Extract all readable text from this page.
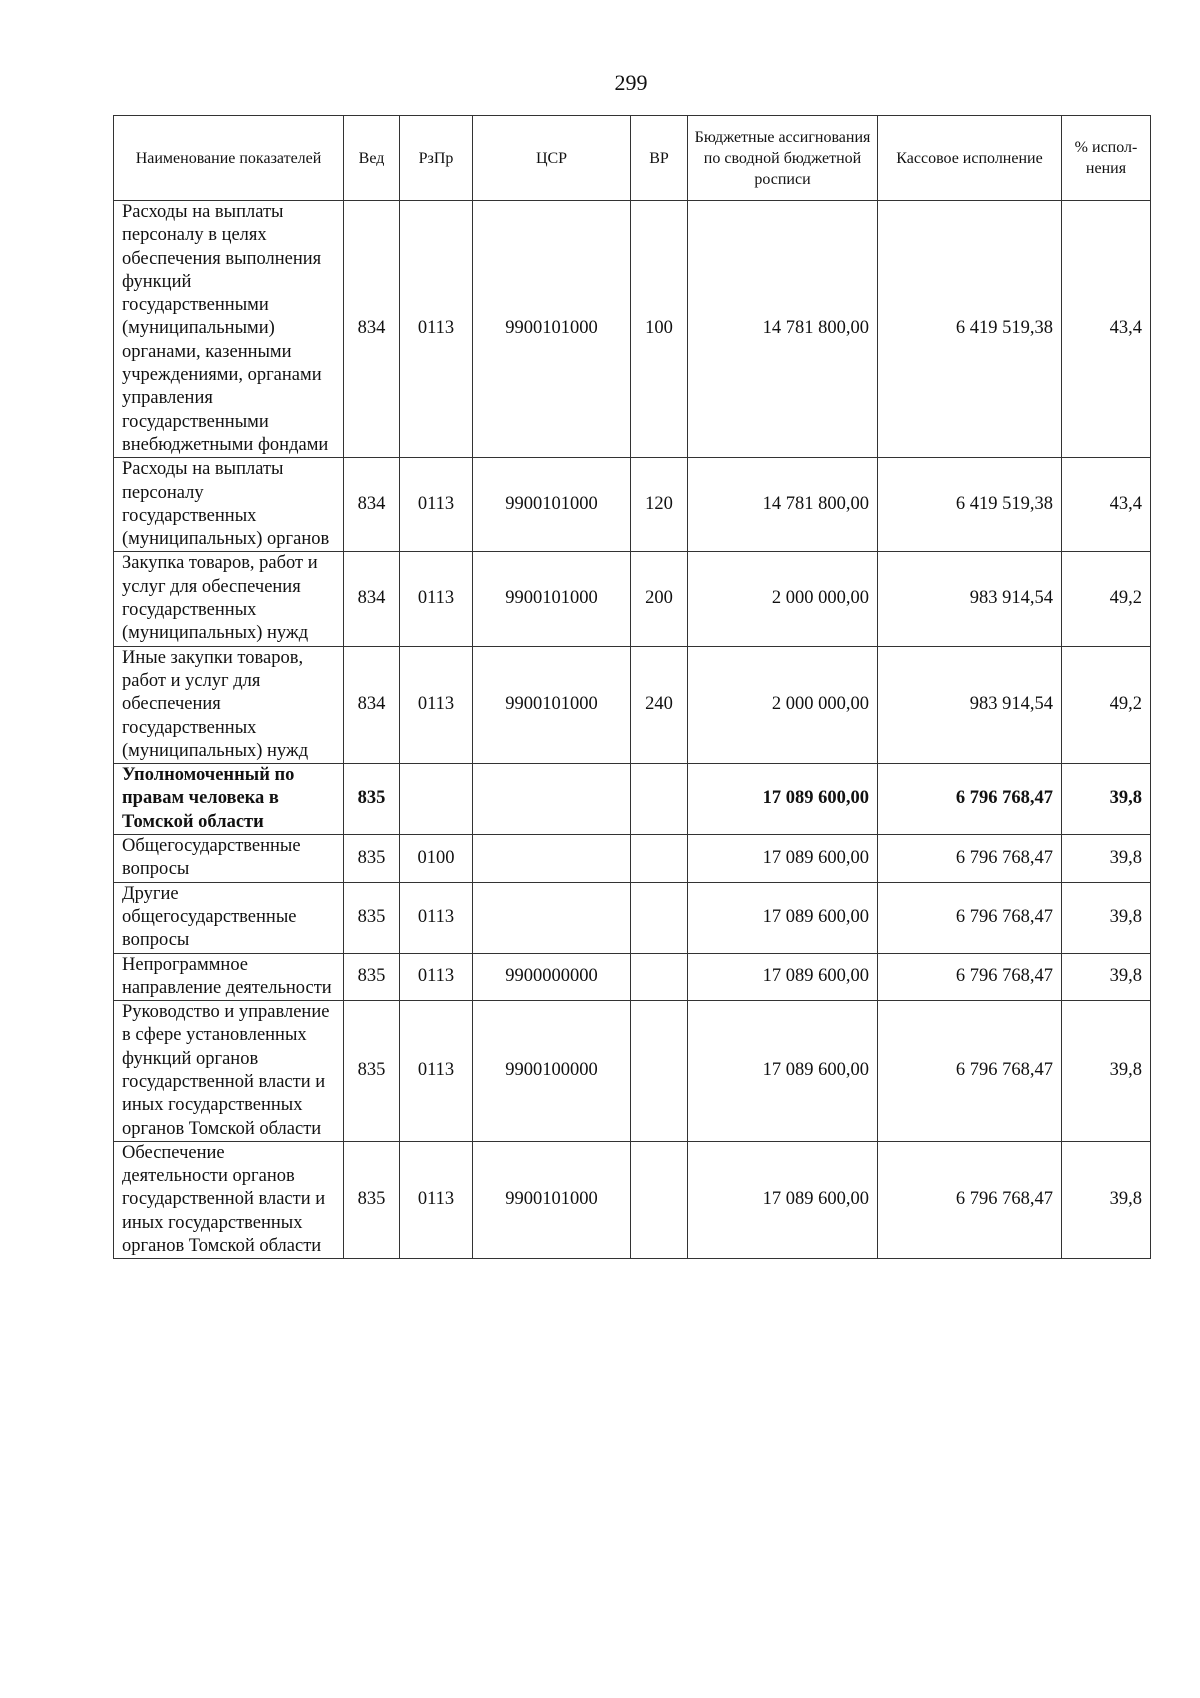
299
Наименование показателей	Вед	РзПр	ЦСР	ВР	Бюджетные ассигнования по сводной бюджетной росписи	Кассовое исполнение	% испол-нения
Расходы на выплаты персоналу в целях обеспечения выполнения функций государственными (муниципальными) органами, казенными учреждениями, органами управления государственными внебюджетными фондами	834	0113	9900101000	100	14 781 800,00	6 419 519,38	43,4
Расходы на выплаты персоналу государственных (муниципальных) органов	834	0113	9900101000	120	14 781 800,00	6 419 519,38	43,4
Закупка товаров, работ и услуг для обеспечения государственных (муниципальных) нужд	834	0113	9900101000	200	2 000 000,00	983 914,54	49,2
Иные закупки товаров, работ и услуг для обеспечения государственных (муниципальных) нужд	834	0113	9900101000	240	2 000 000,00	983 914,54	49,2
Уполномоченный по правам человека в Томской области	835				17 089 600,00	6 796 768,47	39,8
Общегосударственные вопросы	835	0100			17 089 600,00	6 796 768,47	39,8
Другие общегосударственные вопросы	835	0113			17 089 600,00	6 796 768,47	39,8
Непрограммное направление деятельности	835	0113	9900000000		17 089 600,00	6 796 768,47	39,8
Руководство и управление в сфере установленных функций органов государственной власти и иных государственных органов Томской области	835	0113	9900100000		17 089 600,00	6 796 768,47	39,8
Обеспечение деятельности органов государственной власти и иных государственных органов Томской области	835	0113	9900101000		17 089 600,00	6 796 768,47	39,8
